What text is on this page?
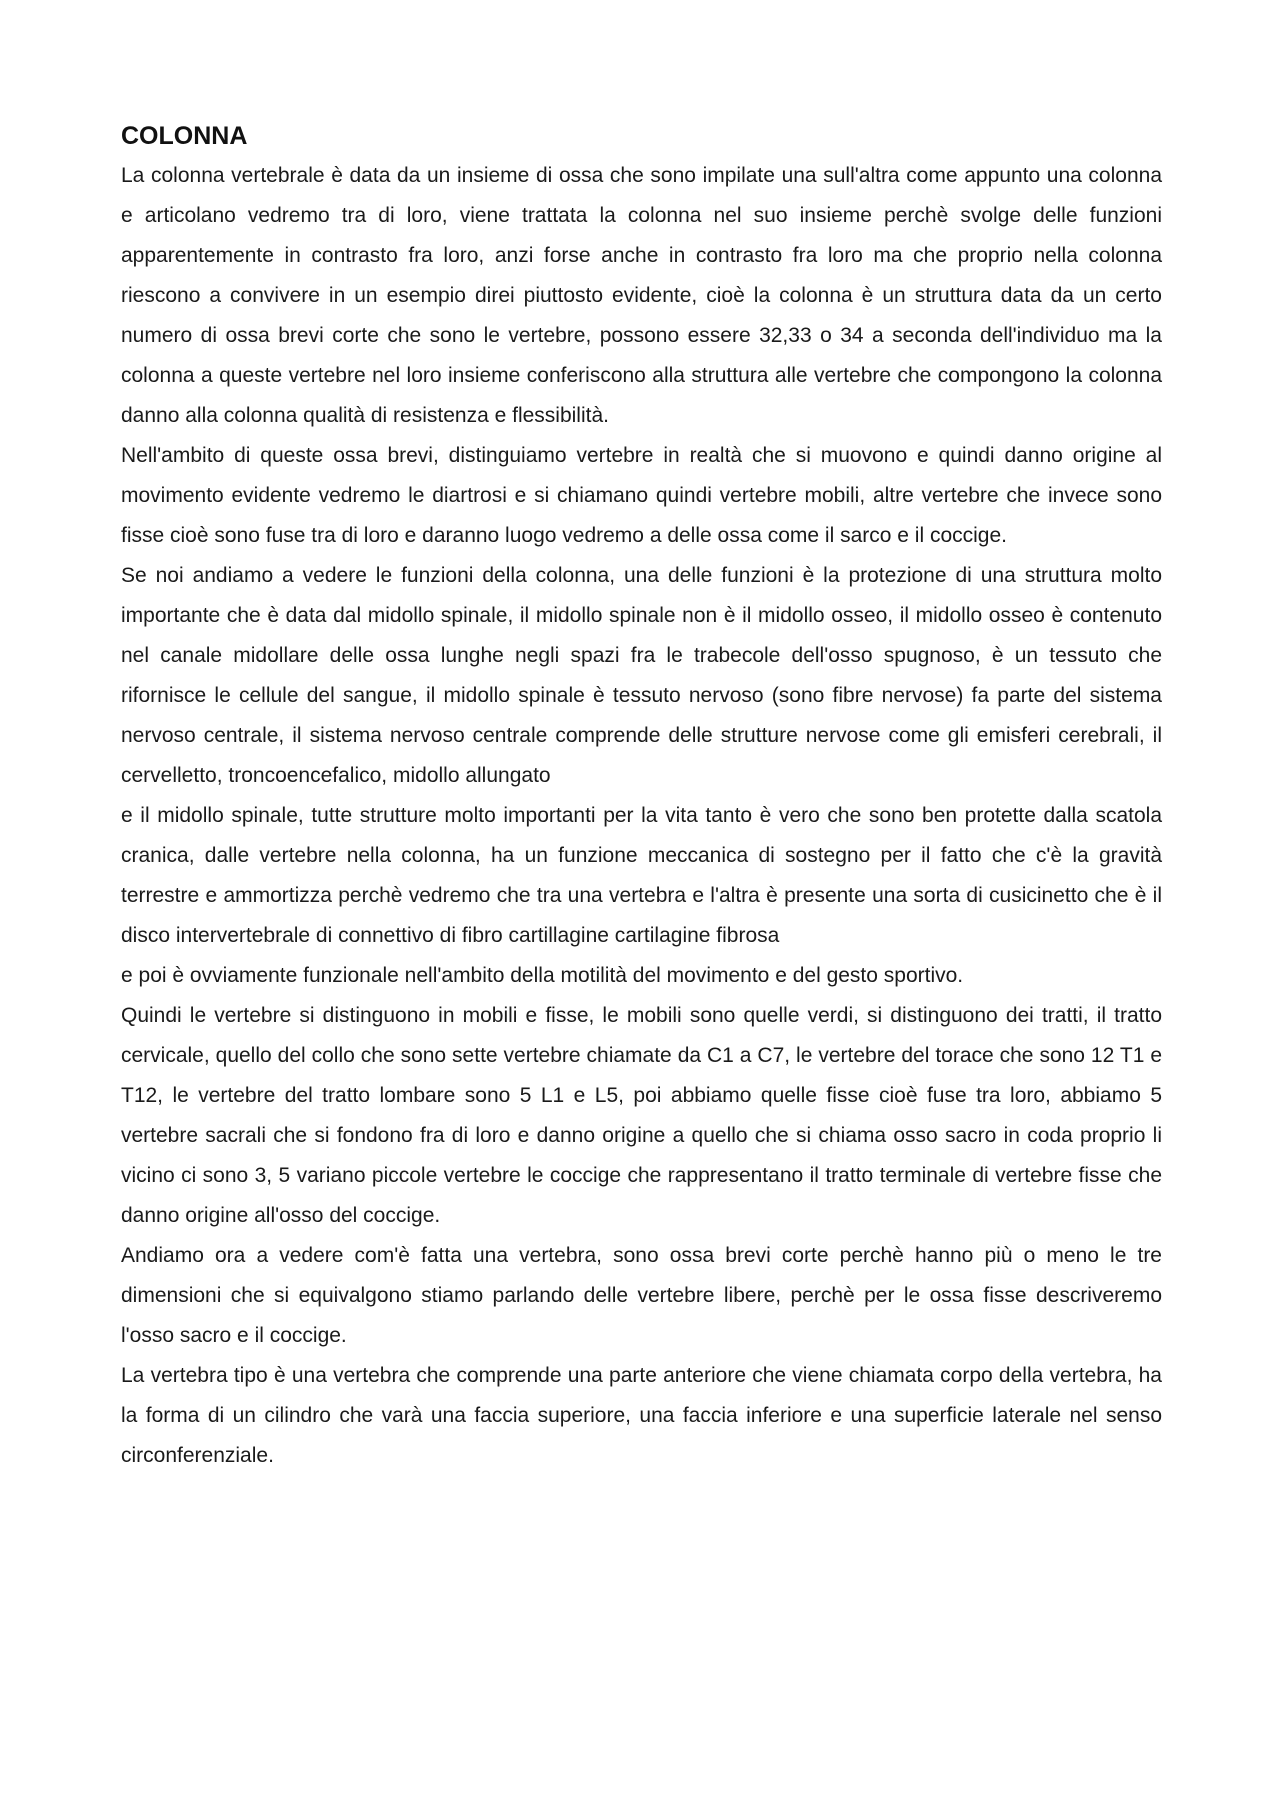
COLONNA

La colonna vertebrale è data da un insieme di ossa che sono impilate una sull'altra come appunto una colonna e articolano vedremo tra di loro, viene trattata la colonna nel suo insieme perchè svolge delle funzioni apparentemente in contrasto fra loro, anzi forse anche in contrasto fra loro ma che proprio nella colonna riescono a convivere in un esempio direi piuttosto evidente, cioè la colonna è un struttura data da un certo numero di ossa brevi corte che sono le vertebre, possono essere 32,33 o 34 a seconda dell'individuo ma la colonna a queste vertebre nel loro insieme conferiscono alla struttura alle vertebre che compongono la colonna danno alla colonna qualità di resistenza e flessibilità.

Nell'ambito di queste ossa brevi, distinguiamo vertebre in realtà che si muovono e quindi danno origine al movimento evidente vedremo le diartrosi e si chiamano quindi vertebre mobili, altre vertebre che invece sono fisse cioè sono fuse tra di loro e daranno luogo vedremo a delle ossa come il sarco e il coccige.

Se noi andiamo a vedere le funzioni della colonna, una delle funzioni è la protezione di una struttura molto importante che è data dal midollo spinale, il midollo spinale non è il midollo osseo, il midollo osseo è contenuto nel canale midollare delle ossa lunghe negli spazi fra le trabecole dell'osso spugnoso, è un tessuto che rifornisce le cellule del sangue, il midollo spinale è tessuto nervoso (sono fibre nervose) fa parte del sistema nervoso centrale, il sistema nervoso centrale comprende delle strutture nervose come gli emisferi cerebrali, il cervelletto, troncoencefalico, midollo allungato

e il midollo spinale, tutte strutture molto importanti per la vita tanto è vero che sono ben protette dalla scatola cranica, dalle vertebre nella colonna, ha un funzione meccanica di sostegno per il fatto che c'è la gravità terrestre e ammortizza perchè vedremo che tra una vertebra e l'altra è presente una sorta di cusicinetto che è il disco intervertebrale di connettivo di fibro cartillagine cartilagine fibrosa

e poi è ovviamente funzionale nell'ambito della motilità del movimento e del gesto sportivo.

Quindi le vertebre si distinguono in mobili e fisse, le mobili sono quelle verdi, si distinguono dei tratti, il tratto cervicale, quello del collo che sono sette vertebre chiamate da C1 a C7, le vertebre del torace che sono 12 T1 e T12, le vertebre del tratto lombare sono 5 L1 e L5, poi abbiamo quelle fisse cioè fuse tra loro, abbiamo 5 vertebre sacrali che si fondono fra di loro e danno origine a quello che si chiama osso sacro in coda proprio li vicino ci sono 3, 5 variano piccole vertebre le coccige che rappresentano il tratto terminale di vertebre fisse che danno origine all'osso del coccige.

Andiamo ora a vedere com'è fatta una vertebra, sono ossa brevi corte perchè hanno più o meno le tre dimensioni che si equivalgono stiamo parlando delle vertebre libere, perchè per le ossa fisse descriveremo l'osso sacro e il coccige.

La vertebra tipo è una vertebra che comprende una parte anteriore che viene chiamata corpo della vertebra, ha la forma di un cilindro che varà una faccia superiore, una faccia inferiore e una superficie laterale nel senso circonferenziale.
